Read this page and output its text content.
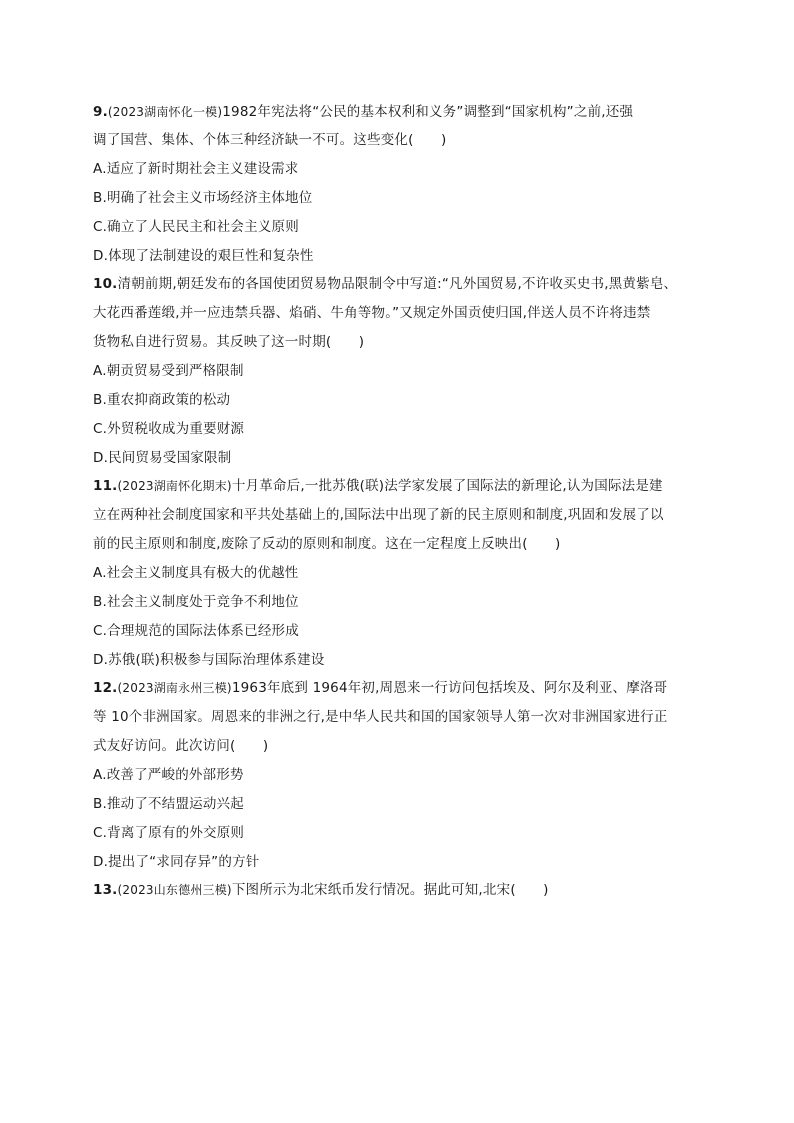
9.(2023湖南怀化一模)1982年宪法将“公民的基本权利和义务”调整到“国家机构”之前,还强
调了国营、集体、个体三种经济缺一不可。这些变化(　　)
A.适应了新时期社会主义建设需求
B.明确了社会主义市场经济主体地位
C.确立了人民民主和社会主义原则
D.体现了法制建设的艰巨性和复杂性
10.清朝前期,朝廷发布的各国使团贸易物品限制令中写道:“凡外国贸易,不许收买史书,黑黄紫皂、
大花西番莲缎,并一应违禁兵器、焰硝、牛角等物。”又规定外国贡使归国,伴送人员不许将违禁
货物私自进行贸易。其反映了这一时期(　　)
A.朝贡贸易受到严格限制
B.重农抑商政策的松动
C.外贸税收成为重要财源
D.民间贸易受国家限制
11.(2023湖南怀化期末)十月革命后,一批苏俄(联)法学家发展了国际法的新理论,认为国际法是建
立在两种社会制度国家和平共处基础上的,国际法中出现了新的民主原则和制度,巩固和发展了以
前的民主原则和制度,废除了反动的原则和制度。这在一定程度上反映出(　　)
A.社会主义制度具有极大的优越性
B.社会主义制度处于竞争不利地位
C.合理规范的国际法体系已经形成
D.苏俄(联)积极参与国际治理体系建设
12.(2023湖南永州三模)1963年底到 1964年初,周恩来一行访问包括埃及、阿尔及利亚、摩洛哥
等 10个非洲国家。周恩来的非洲之行,是中华人民共和国的国家领导人第一次对非洲国家进行正
式友好访问。此次访问(　　)
A.改善了严峻的外部形势
B.推动了不结盟运动兴起
C.背离了原有的外交原则
D.提出了“求同存异”的方针
13.(2023山东德州三模)下图所示为北宋纸币发行情况。据此可知,北宋(　　)
